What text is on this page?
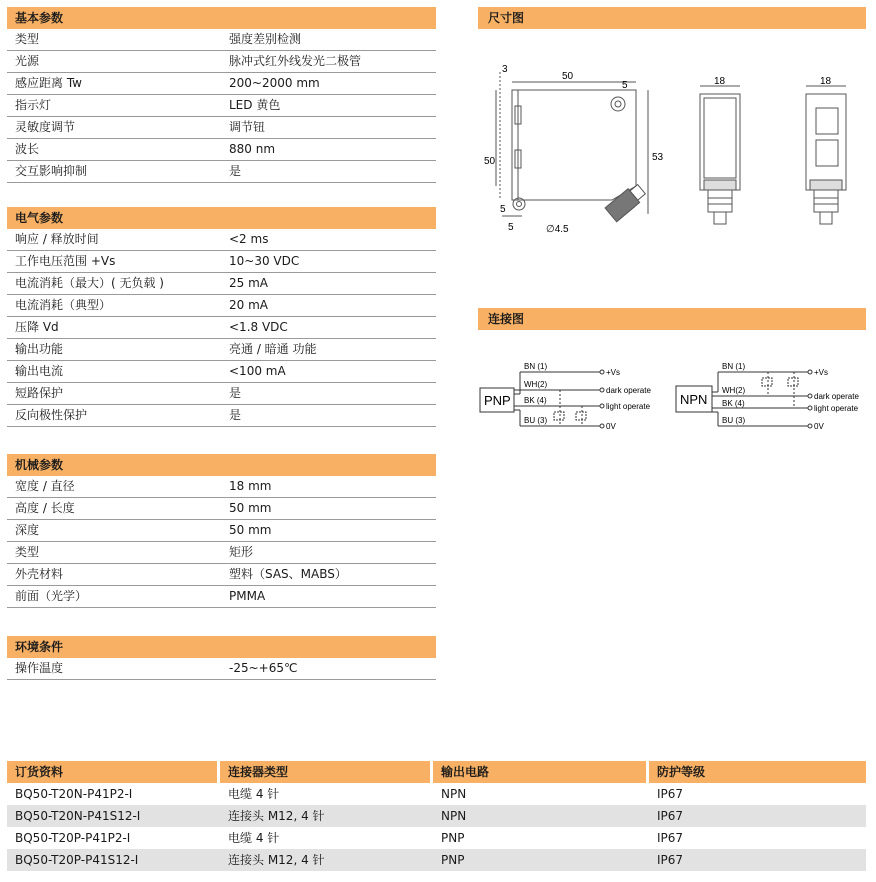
基本参数
类型	强度差别检测
光源	脉冲式红外线发光二极管
感应距离 Tw	200~2000 mm
指示灯	LED 黄色
灵敏度调节	调节钮
波长	880 nm
交互影响抑制	是
电气参数
响应 / 释放时间	<2 ms
工作电压范围 +Vs	10~30 VDC
电流消耗（最大）( 无负载 )	25 mA
电流消耗（典型）	20 mA
压降 Vd	<1.8 VDC
输出功能	亮通 / 暗通 功能
输出电流	<100 mA
短路保护	是
反向极性保护	是
机械参数
宽度 / 直径	18 mm
高度 / 长度	50 mm
深度	50 mm
类型	矩形
外壳材料	塑料（SAS、MABS）
前面（光学）	PMMA
环境条件
操作温度	-25~+65℃
尺寸图
3
50
5
50	53
5
5	∅4.5
18	18
连接图
PNP
BN (1)
WH(2)
BK (4)
BU (3)
+Vs
dark operate
light operate
0V
NPN
BN (1)
WH(2)
BK (4)
BU (3)
+Vs
dark operate
light operate
0V
订货资料	连接器类型	输出电路	防护等级
BQ50-T20N-P41P2-I	电缆 4 针	NPN	IP67
BQ50-T20N-P41S12-I	连接头 M12, 4 针	NPN	IP67
BQ50-T20P-P41P2-I	电缆 4 针	PNP	IP67
BQ50-T20P-P41S12-I	连接头 M12, 4 针	PNP	IP67
